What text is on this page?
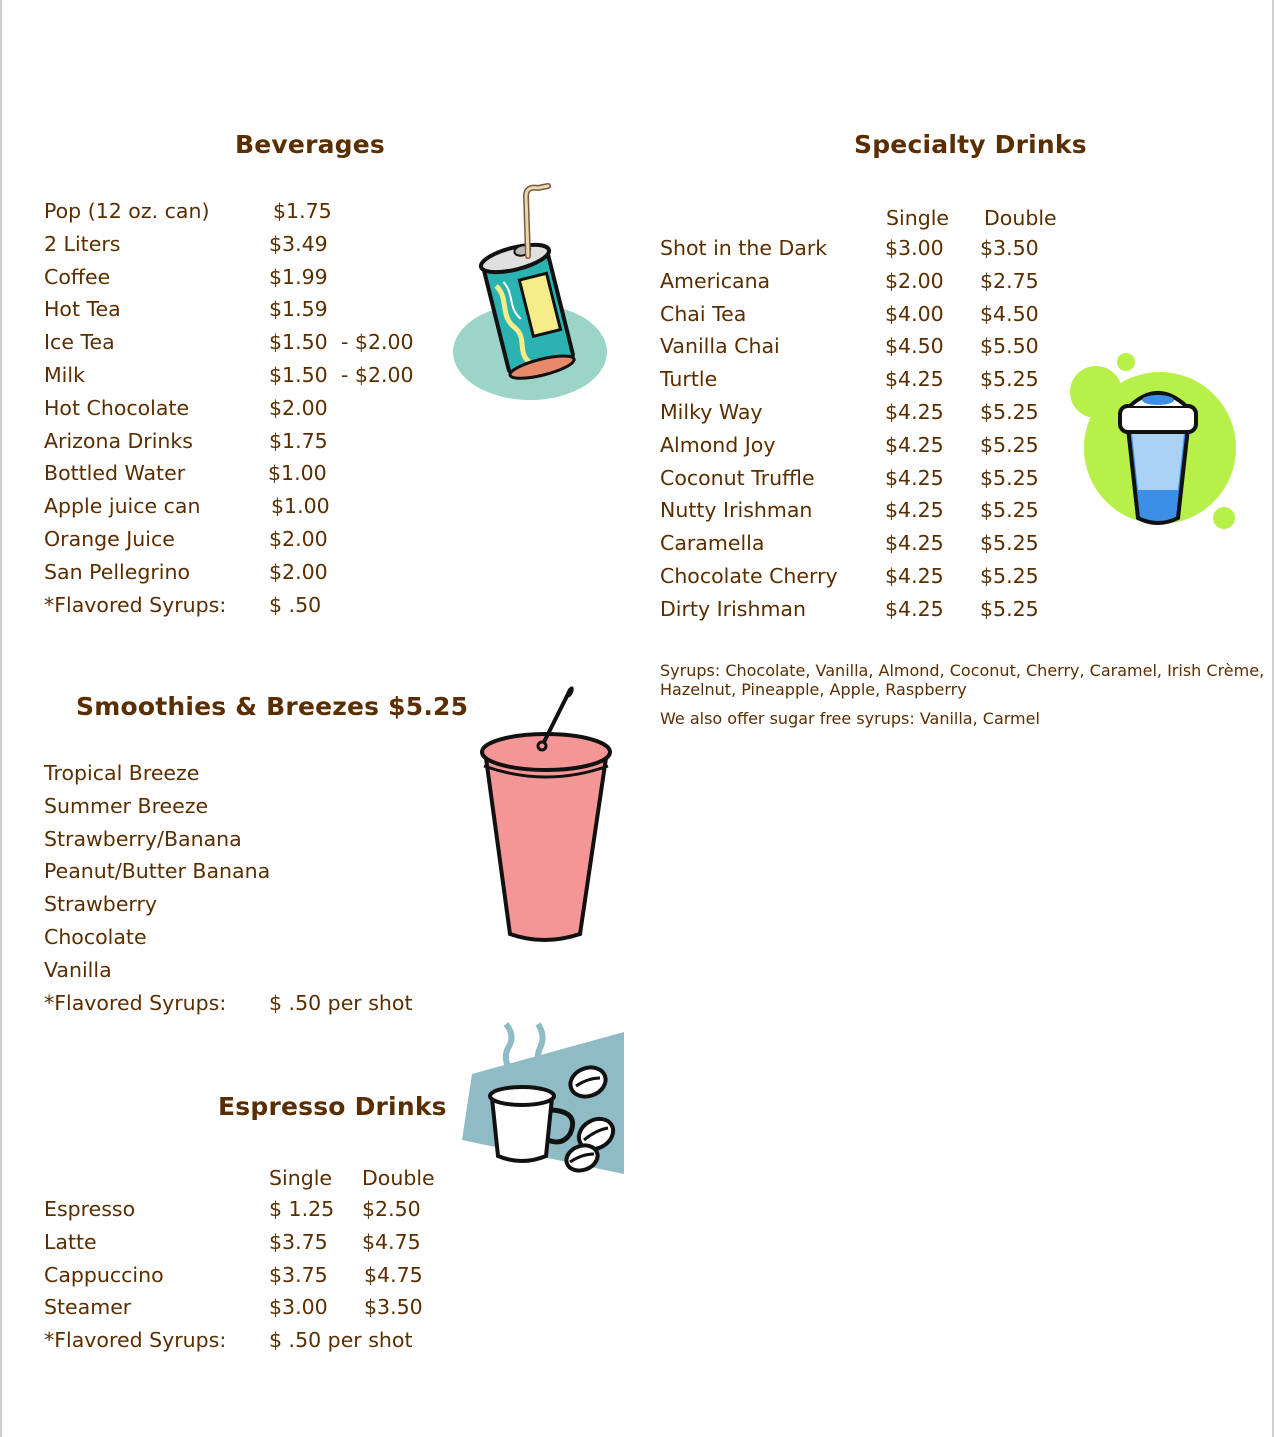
Beverages
Pop (12 oz. can)	$1.75
2 Liters	$3.49
Coffee	$1.99
Hot Tea	$1.59
Ice Tea	$1.50 - $2.00
Milk	$1.50 - $2.00
Hot Chocolate	$2.00
Arizona Drinks	$1.75
Bottled Water	$1.00
Apple juice can	$1.00
Orange Juice	$2.00
San Pellegrino	$2.00
*Flavored Syrups: $ .50
Smoothies & Breezes $5.25
Tropical Breeze
Summer Breeze
Strawberry/Banana
Peanut/Butter Banana
Strawberry
Chocolate
Vanilla
*Flavored Syrups: $ .50 per shot
Espresso Drinks
Single Double
Espresso	$ 1.25 $2.50
Latte	$3.75 $4.75
Cappuccino	$3.75 $4.75
Steamer	$3.00 $3.50
*Flavored Syrups: $ .50 per shot
Specialty Drinks
Single Double
Shot in the Dark	$3.00 $3.50
Americana	$2.00 $2.75
Chai Tea	$4.00 $4.50
Vanilla Chai	$4.50 $5.50
Turtle	$4.25 $5.25
Milky Way	$4.25 $5.25
Almond Joy	$4.25 $5.25
Coconut Truffle	$4.25 $5.25
Nutty Irishman	$4.25 $5.25
Caramella	$4.25 $5.25
Chocolate Cherry $4.25 $5.25
Dirty Irishman	$4.25 $5.25
Syrups: Chocolate, Vanilla, Almond, Coconut, Cherry, Caramel, Irish Crème,
Hazelnut, Pineapple, Apple, Raspberry
We also offer sugar free syrups: Vanilla, Carmel
